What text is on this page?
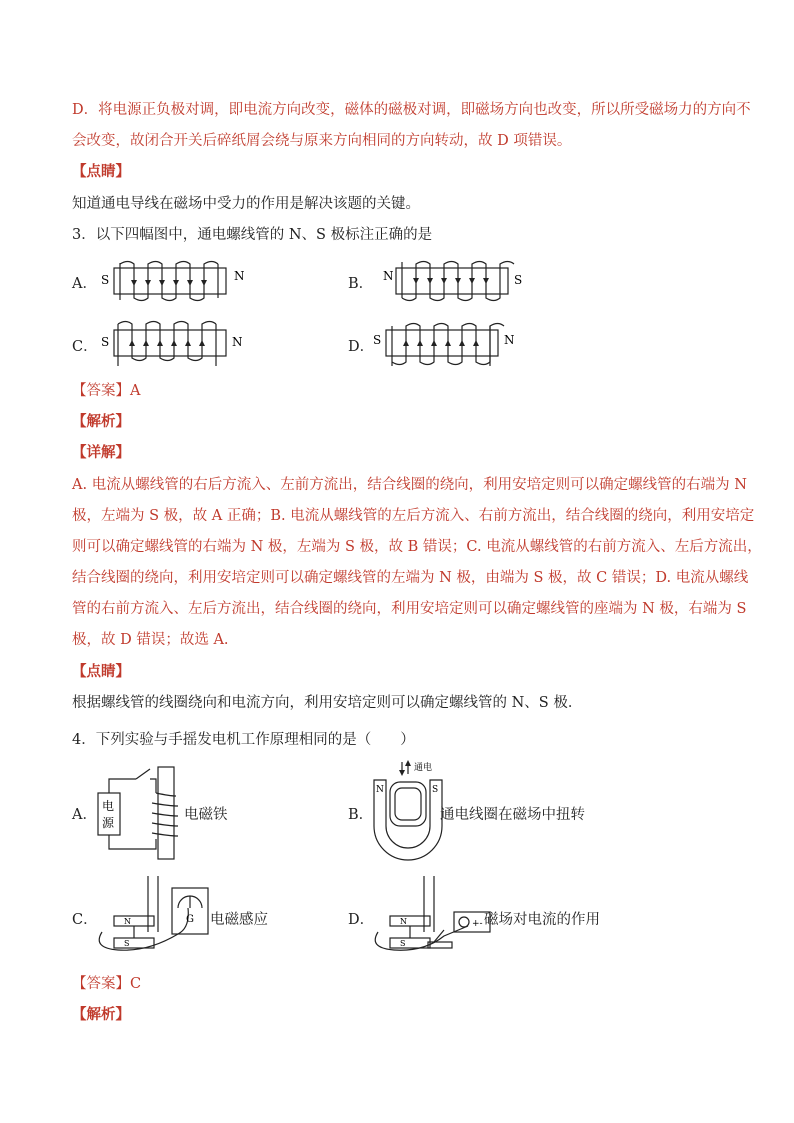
D．将电源正负极对调，即电流方向改变，磁体的磁极对调，即磁场方向也改变，所以所受磁场力的方向不
会改变，故闭合开关后碎纸屑会绕与原来方向相同的方向转动，故 D 项错误。
【点睛】
知道通电导线在磁场中受力的作用是解决该题的关键。
3．以下四幅图中，通电螺线管的 N、S 极标注正确的是
A． S	N	B． N	S
C． S	N	D．
S	N
【答案】A
【解析】
【详解】
A. 电流从螺线管的右后方流入、左前方流出，结合线圈的绕向，利用安培定则可以确定螺线管的右端为 N
极，左端为 S 极，故 A 正确；B. 电流从螺线管的左后方流入、右前方流出，结合线圈的绕向，利用安培定
则可以确定螺线管的右端为 N 极，左端为 S 极，故 B 错误；C. 电流从螺线管的右前方流入、左后方流出，
结合线圈的绕向，利用安培定则可以确定螺线管的左端为 N 极，由端为 S 极，故 C 错误；D. 电流从螺线
管的右前方流入、左后方流出，结合线圈的绕向，利用安培定则可以确定螺线管的座端为 N 极，右端为 S
极，故 D 错误；故选 A.
【点睛】
根据螺线管的线圈绕向和电流方向，利用安培定则可以确定螺线管的 N、S 极．
4．下列实验与手摇发电机工作原理相同的是（　　）
A．
电
源	电磁铁	B．
通电
N	S
通电线圈在磁场中扭转
C．	G
N
S
电磁感应	D．	N
S
+- 磁场对电流的作用
【答案】C
【解析】
